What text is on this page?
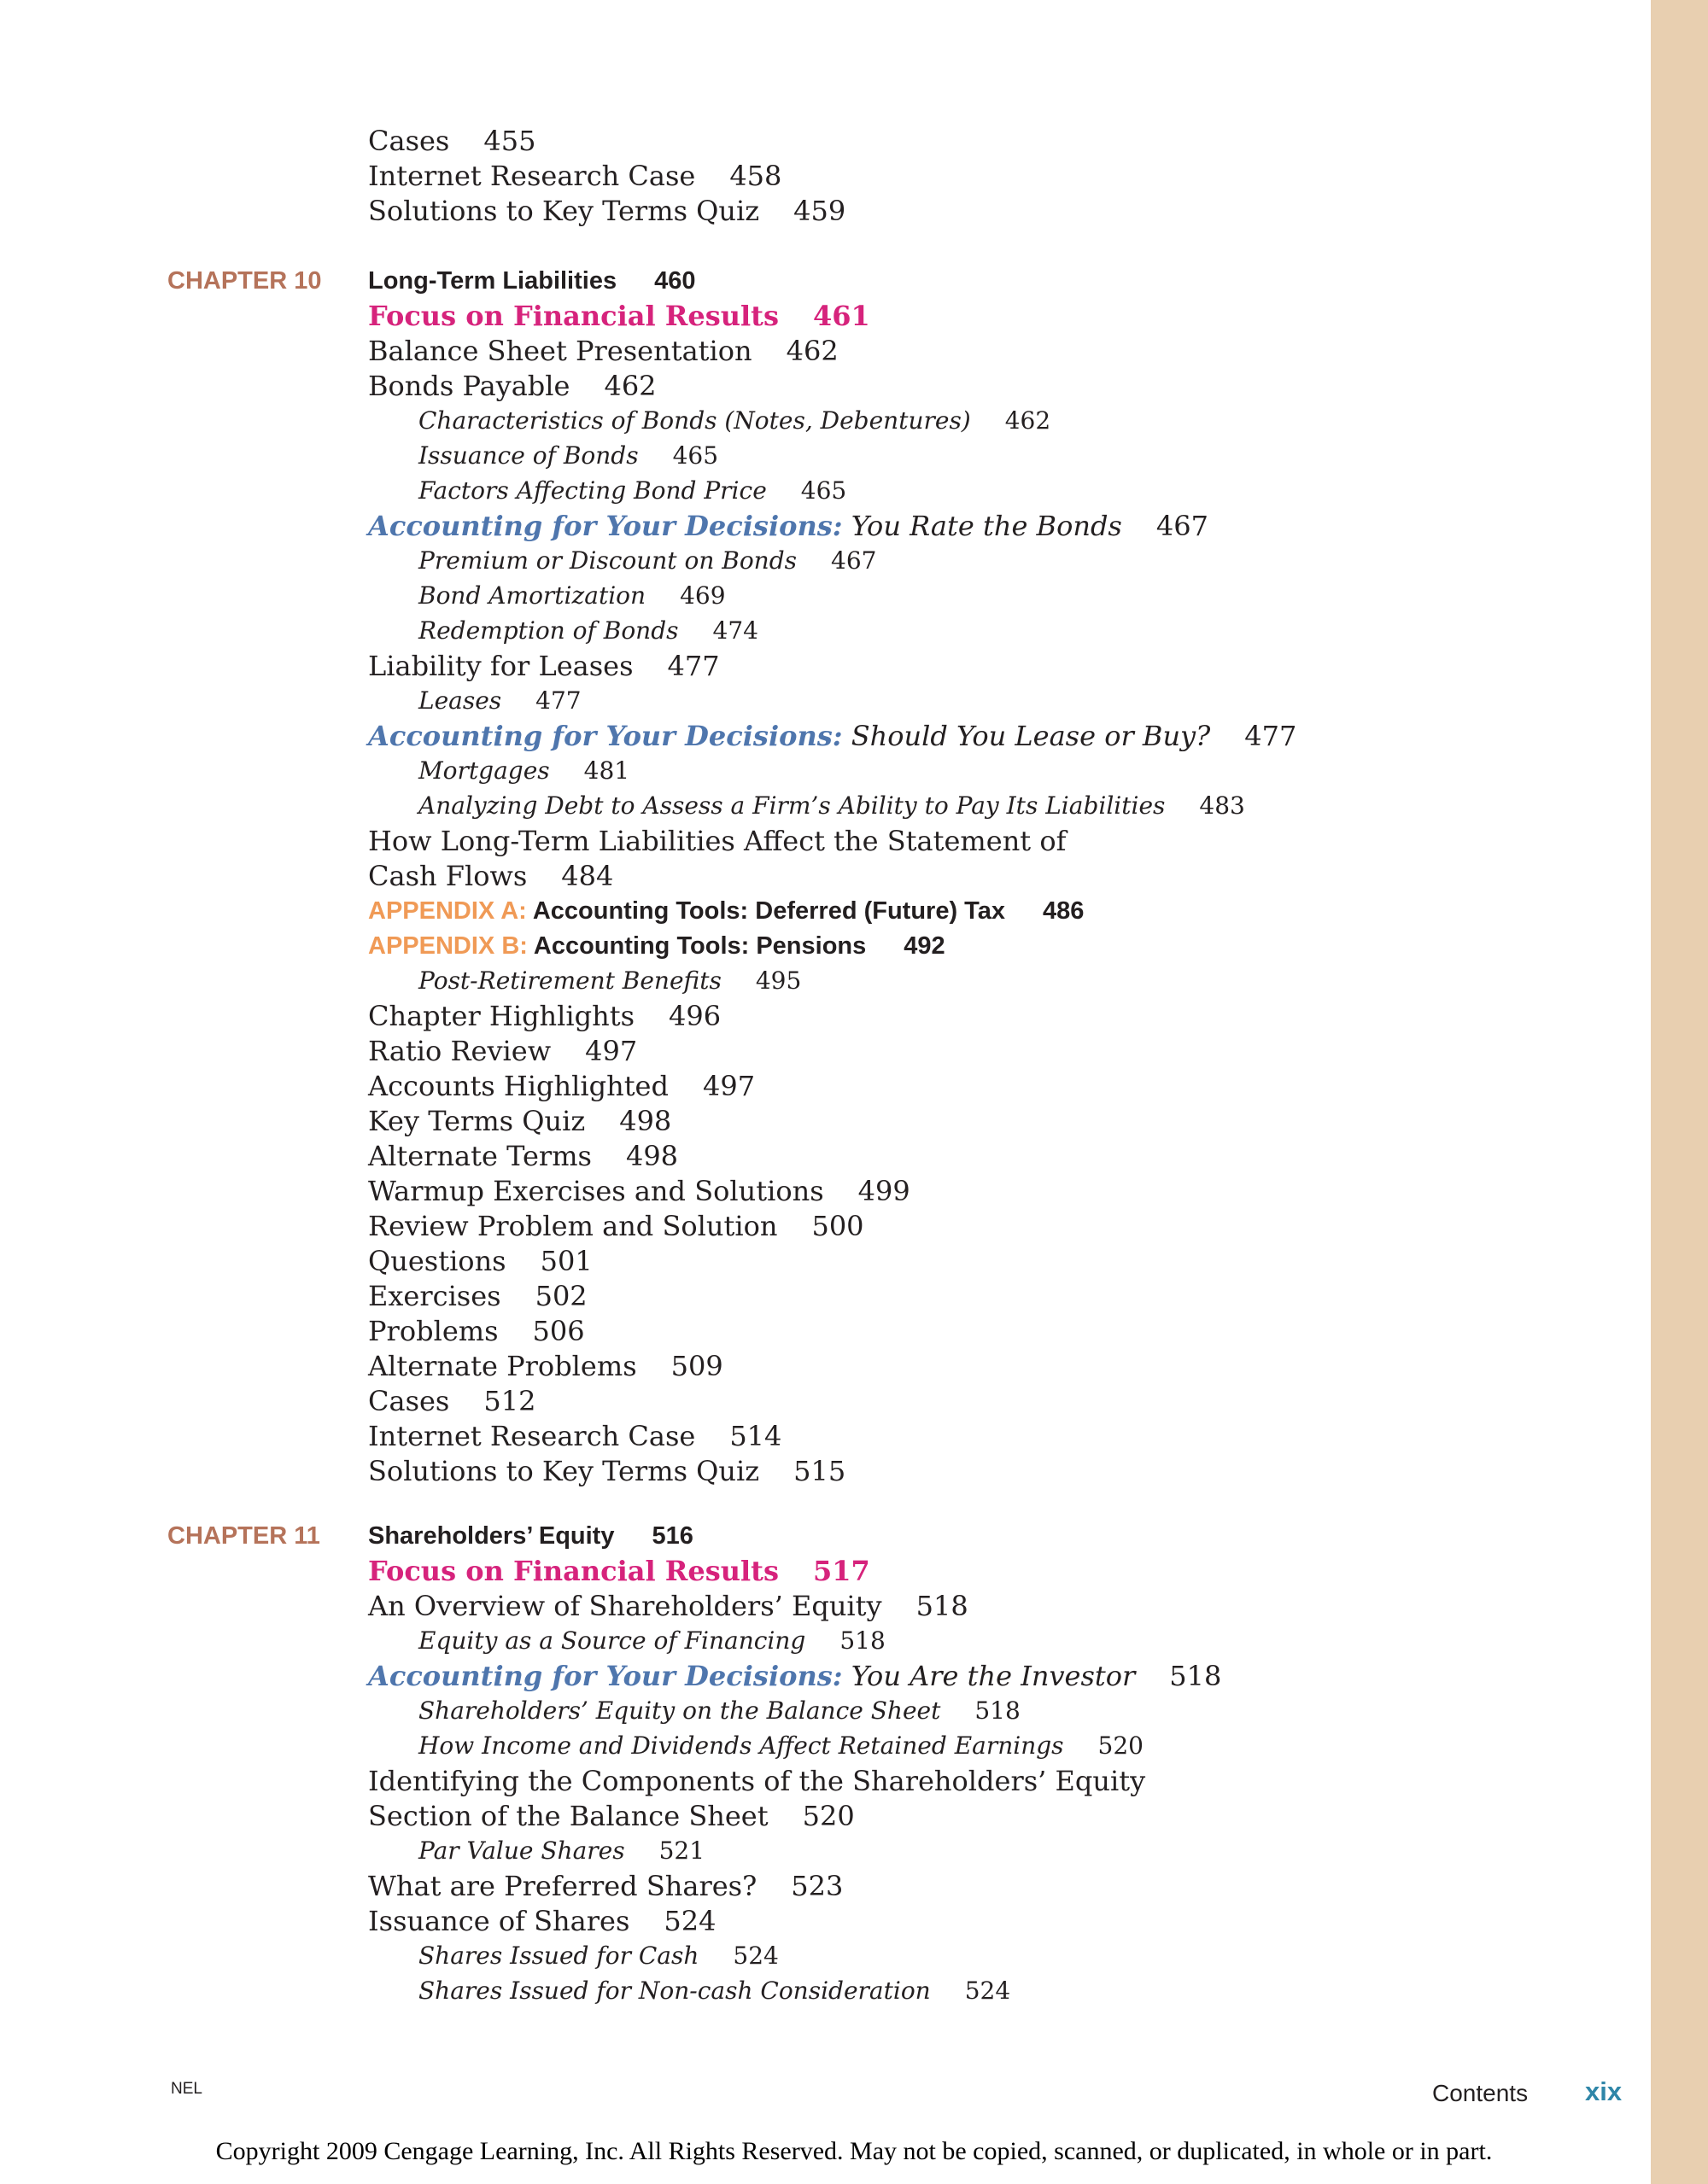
Cases 455
Internet Research Case 458
Solutions to Key Terms Quiz 459
CHAPTER 10 Long-Term Liabilities 460
Focus on Financial Results 461
Balance Sheet Presentation 462
Bonds Payable 462
Characteristics of Bonds (Notes, Debentures) 462
Issuance of Bonds 465
Factors Affecting Bond Price 465
Accounting for Your Decisions: You Rate the Bonds 467
Premium or Discount on Bonds 467
Bond Amortization 469
Redemption of Bonds 474
Liability for Leases 477
Leases 477
Accounting for Your Decisions: Should You Lease or Buy? 477
Mortgages 481
Analyzing Debt to Assess a Firm’s Ability to Pay Its Liabilities 483
How Long-Term Liabilities Affect the Statement of
Cash Flows 484
APPENDIX A: Accounting Tools: Deferred (Future) Tax 486
APPENDIX B: Accounting Tools: Pensions 492
Post-Retirement Benefits 495
Chapter Highlights 496
Ratio Review 497
Accounts Highlighted 497
Key Terms Quiz 498
Alternate Terms 498
Warmup Exercises and Solutions 499
Review Problem and Solution 500
Questions 501
Exercises 502
Problems 506
Alternate Problems 509
Cases 512
Internet Research Case 514
Solutions to Key Terms Quiz 515
CHAPTER 11 Shareholders’ Equity 516
Focus on Financial Results 517
An Overview of Shareholders’ Equity 518
Equity as a Source of Financing 518
Accounting for Your Decisions: You Are the Investor 518
Shareholders’ Equity on the Balance Sheet 518
How Income and Dividends Affect Retained Earnings 520
Identifying the Components of the Shareholders’ Equity
Section of the Balance Sheet 520
Par Value Shares 521
What are Preferred Shares? 523
Issuance of Shares 524
Shares Issued for Cash 524
Shares Issued for Non-cash Consideration 524
NEL	Contents xix
Copyright 2009 Cengage Learning, Inc. All Rights Reserved. May not be copied, scanned, or duplicated, in whole or in part.
